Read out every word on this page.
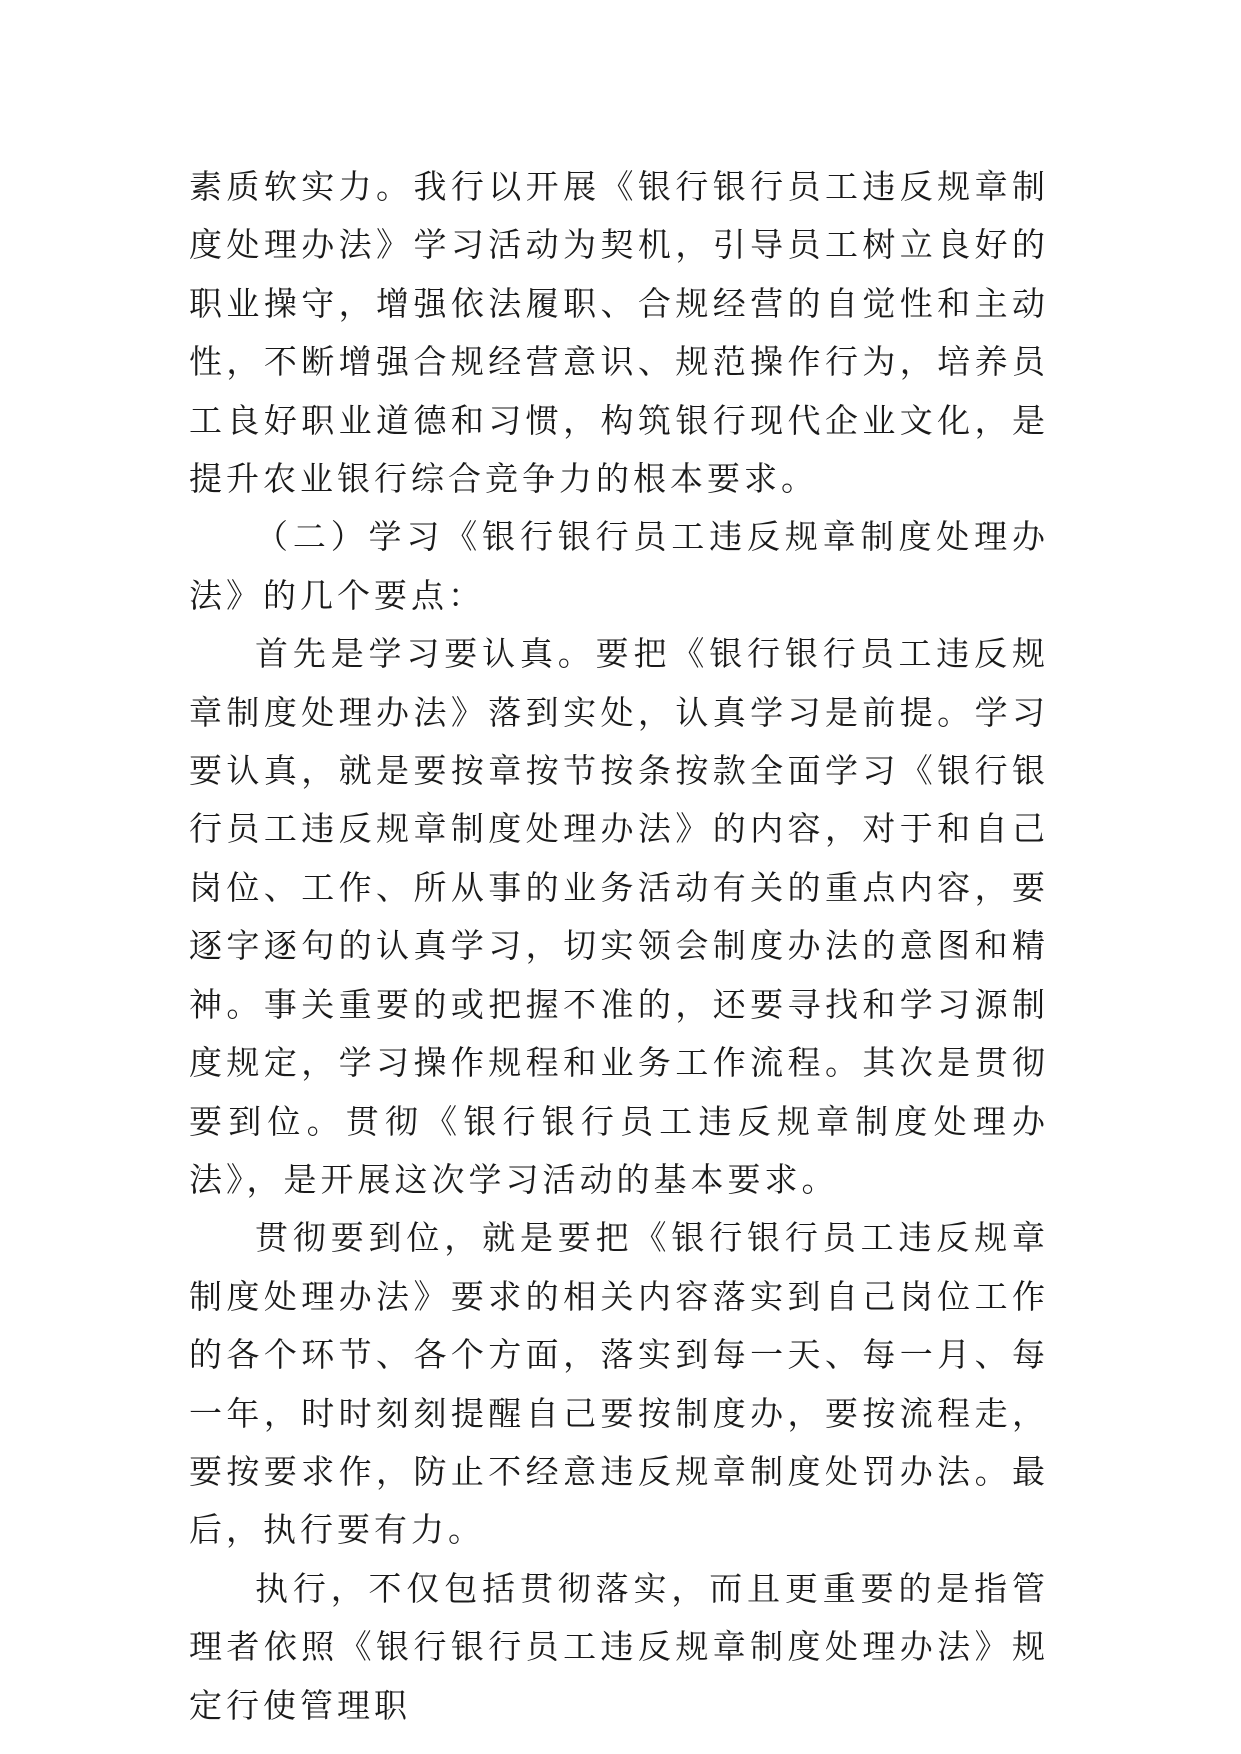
素质软实力。我行以开展《银行银行员工违反规章制度处理办法》学习活动为契机，引导员工树立良好的职业操守，增强依法履职、合规经营的自觉性和主动性，不断增强合规经营意识、规范操作行为，培养员工良好职业道德和习惯，构筑银行现代企业文化，是提升农业银行综合竞争力的根本要求。

（二）学习《银行银行员工违反规章制度处理办法》的几个要点：

首先是学习要认真。要把《银行银行员工违反规章制度处理办法》落到实处，认真学习是前提。学习要认真，就是要按章按节按条按款全面学习《银行银行员工违反规章制度处理办法》的内容，对于和自己岗位、工作、所从事的业务活动有关的重点内容，要逐字逐句的认真学习，切实领会制度办法的意图和精神。事关重要的或把握不准的，还要寻找和学习源制度规定，学习操作规程和业务工作流程。其次是贯彻要到位。贯彻《银行银行员工违反规章制度处理办法》，是开展这次学习活动的基本要求。

贯彻要到位，就是要把《银行银行员工违反规章制度处理办法》要求的相关内容落实到自己岗位工作的各个环节、各个方面，落实到每一天、每一月、每一年，时时刻刻提醒自己要按制度办，要按流程走，要按要求作，防止不经意违反规章制度处罚办法。最后，执行要有力。

执行，不仅包括贯彻落实，而且更重要的是指管理者依照《银行银行员工违反规章制度处理办法》规定行使管理职
